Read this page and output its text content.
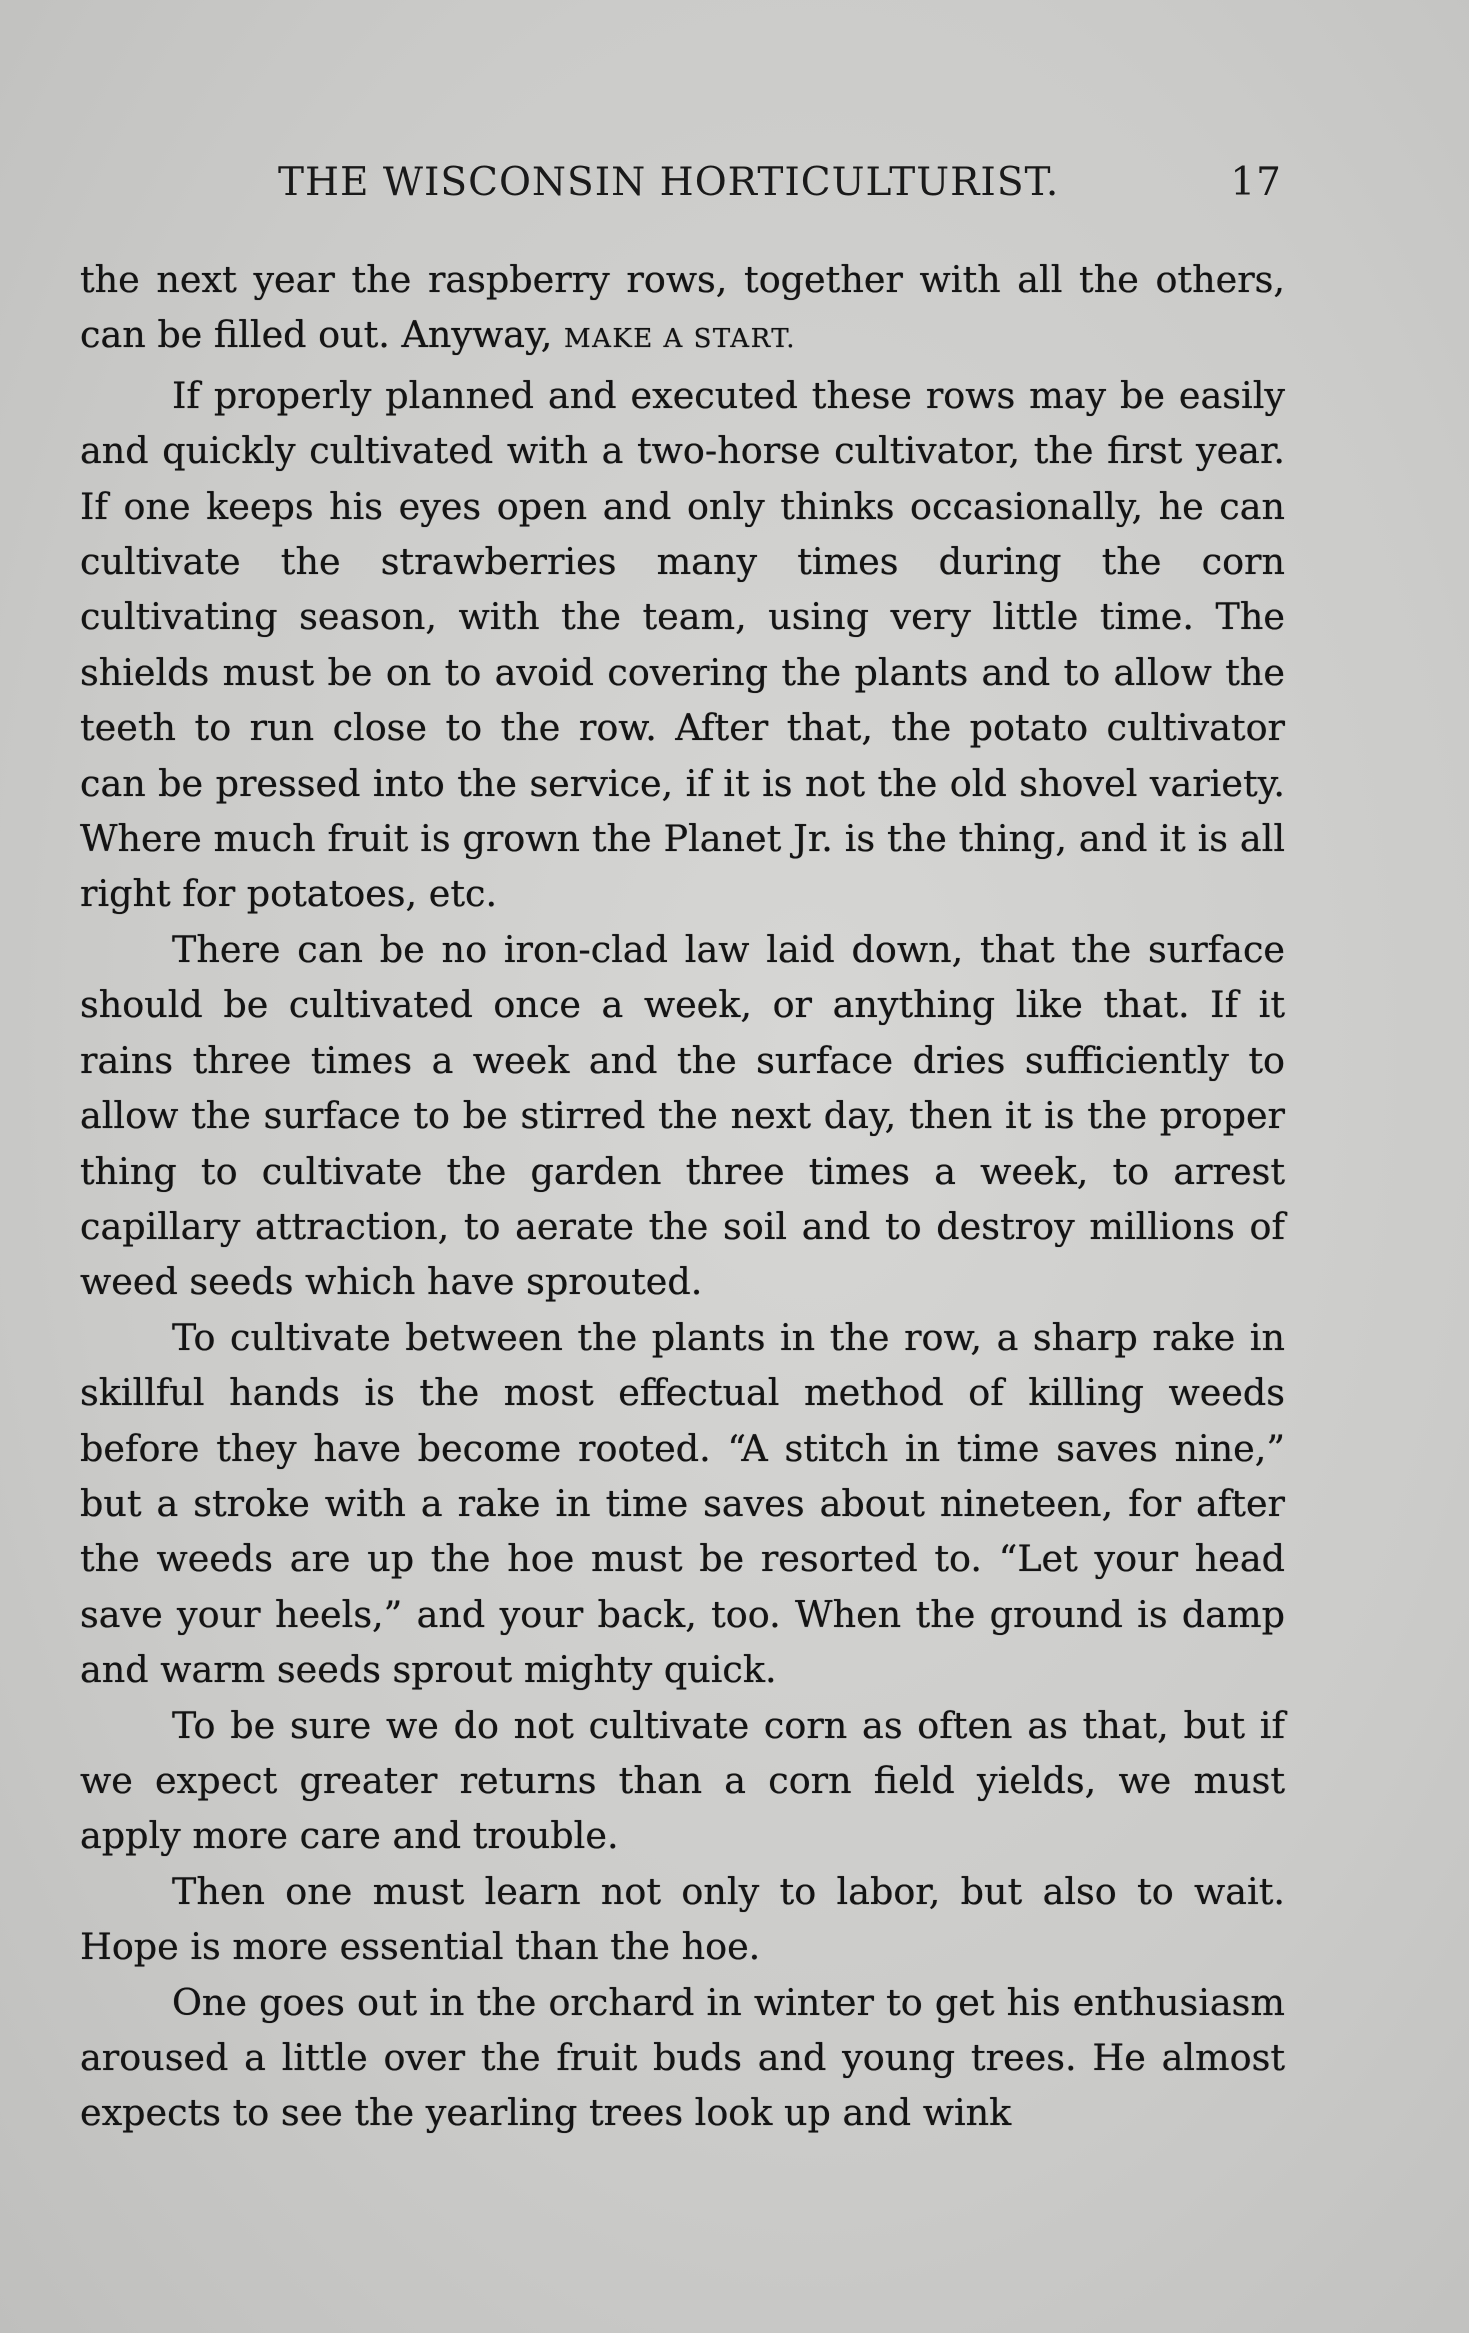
THE WISCONSIN HORTICULTURIST.	17

the next year the raspberry rows, together with all the others, can be filled out. Anyway, MAKE A START.

If properly planned and executed these rows may be easily and quickly cultivated with a two-horse cultivator, the first year. If one keeps his eyes open and only thinks occasionally, he can cultivate the strawberries many times during the corn cultivating season, with the team, using very little time. The shields must be on to avoid covering the plants and to allow the teeth to run close to the row. After that, the potato cultivator can be pressed into the service, if it is not the old shovel variety. Where much fruit is grown the Planet Jr. is the thing, and it is all right for potatoes, etc.

There can be no iron-clad law laid down, that the surface should be cultivated once a week, or anything like that. If it rains three times a week and the surface dries sufficiently to allow the surface to be stirred the next day, then it is the proper thing to cultivate the garden three times a week, to arrest capillary attraction, to aerate the soil and to destroy millions of weed seeds which have sprouted.

To cultivate between the plants in the row, a sharp rake in skillful hands is the most effectual method of killing weeds before they have become rooted. “A stitch in time saves nine,” but a stroke with a rake in time saves about nineteen, for after the weeds are up the hoe must be resorted to. “Let your head save your heels,” and your back, too. When the ground is damp and warm seeds sprout mighty quick.

To be sure we do not cultivate corn as often as that, but if we expect greater returns than a corn field yields, we must apply more care and trouble.

Then one must learn not only to labor, but also to wait. Hope is more essential than the hoe.

One goes out in the orchard in winter to get his enthusiasm aroused a little over the fruit buds and young trees. He almost expects to see the yearling trees look up and wink
